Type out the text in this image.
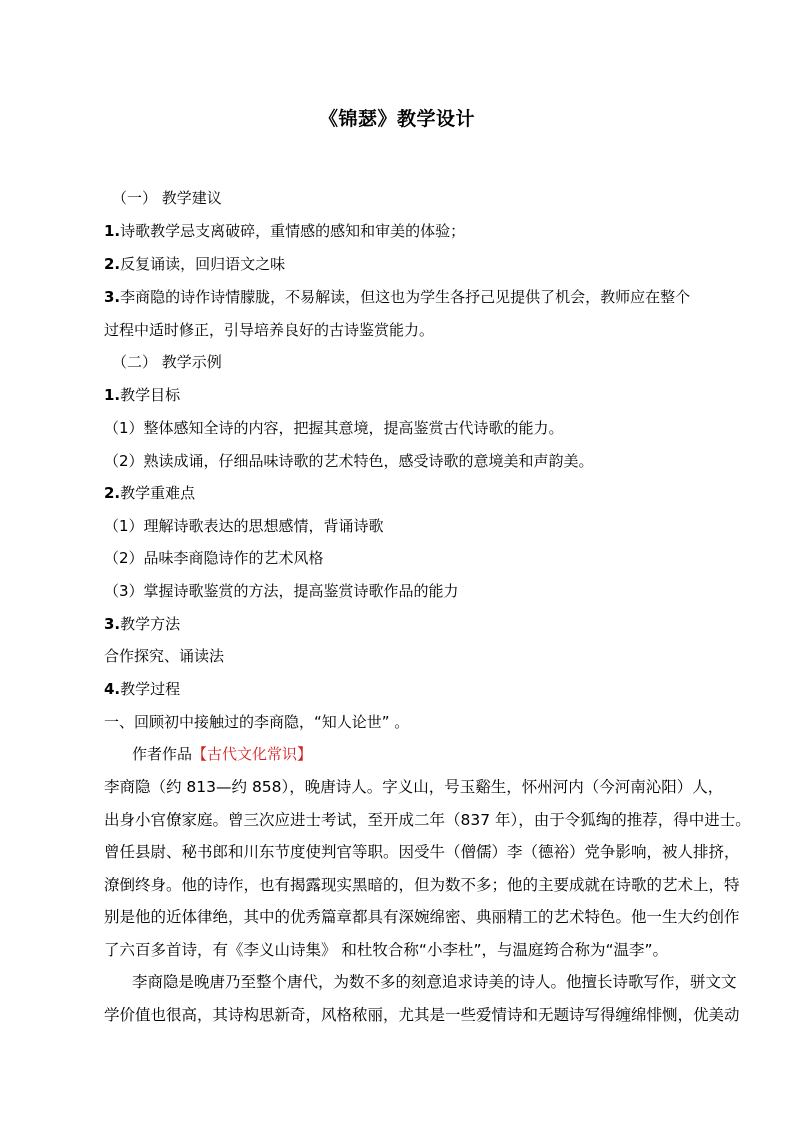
《锦瑟》教学设计
（一） 教学建议
1.诗歌教学忌支离破碎，重情感的感知和审美的体验；
2.反复诵读，回归语文之味
3.李商隐的诗作诗情朦胧，不易解读，但这也为学生各抒己见提供了机会，教师应在整个
过程中适时修正，引导培养良好的古诗鉴赏能力。
（二） 教学示例
1.教学目标
（1）整体感知全诗的内容，把握其意境，提高鉴赏古代诗歌的能力。
（2）熟读成诵，仔细品味诗歌的艺术特色，感受诗歌的意境美和声韵美。
2.教学重难点
（1）理解诗歌表达的思想感情，背诵诗歌
（2）品味李商隐诗作的艺术风格
（3）掌握诗歌鉴赏的方法，提高鉴赏诗歌作品的能力
3.教学方法
合作探究、诵读法
4.教学过程
一、回顾初中接触过的李商隐，“知人论世” 。
作者作品【古代文化常识】
李商隐（约 813—约 858），晚唐诗人。字义山，号玉谿生，怀州河内（今河南沁阳）人，
出身小官僚家庭。曾三次应进士考试，至开成二年（837 年），由于令狐绹的推荐，得中进士。
曾任县尉、秘书郎和川东节度使判官等职。因受牛（僧儒）李（德裕）党争影响，被人排挤，
潦倒终身。他的诗作，也有揭露现实黑暗的，但为数不多；他的主要成就在诗歌的艺术上，特
别是他的近体律绝，其中的优秀篇章都具有深婉绵密、典丽精工的艺术特色。他一生大约创作
了六百多首诗，有《李义山诗集》 和杜牧合称“小李杜”，与温庭筠合称为“温李”。
李商隐是晚唐乃至整个唐代，为数不多的刻意追求诗美的诗人。他擅长诗歌写作，骈文文
学价值也很高，其诗构思新奇，风格秾丽，尤其是一些爱情诗和无题诗写得缠绵悱恻，优美动
